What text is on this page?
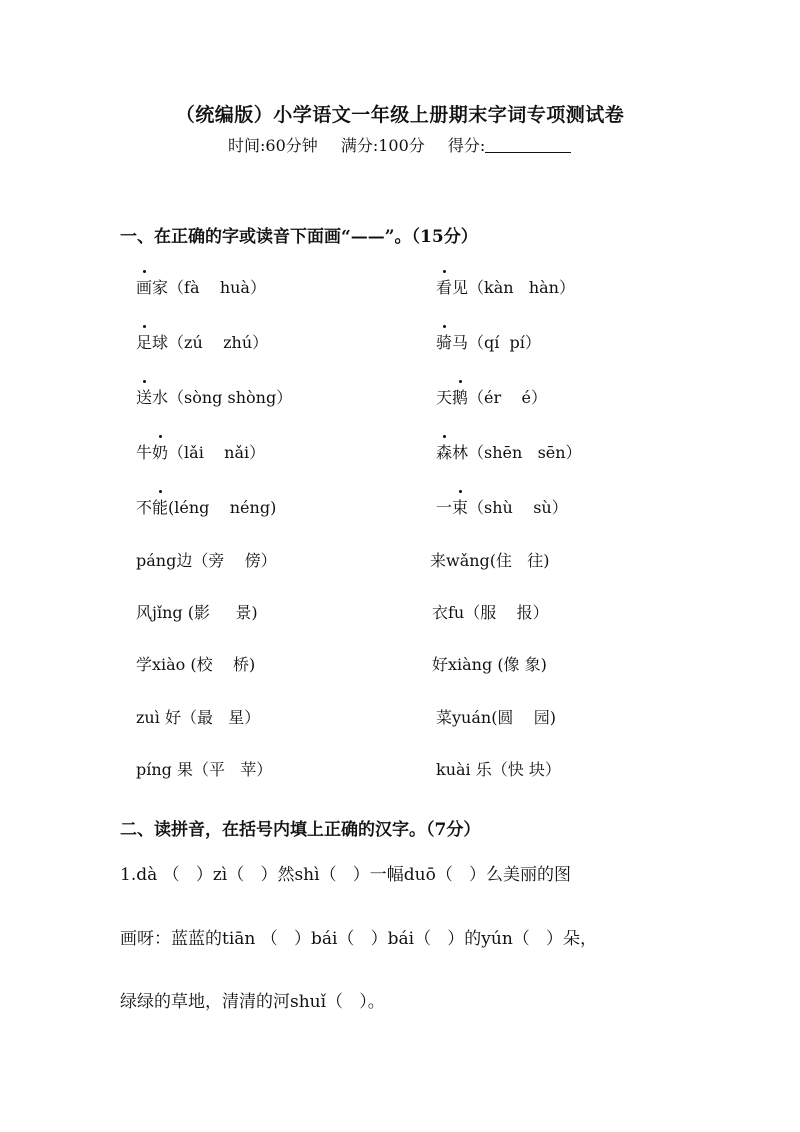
（统编版）小学语文一年级上册期末字词专项测试卷
时间:60分钟 满分:100分 得分:
一、在正确的字或读音下面画“——”。（15分）
画家（fà    huà）	看见（kàn   hàn）
足球（zú    zhú）	骑马（qí  pí）
送水（sòng shòng）	天鹅（ér    é）
牛奶（lǎi    nǎi）	森林（shēn   sēn）
不能(léng    néng)	一束（shù    sù）
páng边（旁    傍）	来wǎng(住   往)
风jǐng (影     景)	衣fu（服    报）
学xiào (校    桥)	好xiàng (像 象)
zuì 好（最   星）	菜yuán(圆    园)
píng 果（平   苹）	kuài 乐（快 块）
二、读拼音，在括号内填上正确的汉字。（7分）
1.dà （   ）zì（   ）然shì（   ）一幅duō（   ）么美丽的图
画呀：蓝蓝的tiān （   ）bái（   ）bái（   ）的yún（   ）朵，
绿绿的草地，清清的河shuǐ（   ）。
